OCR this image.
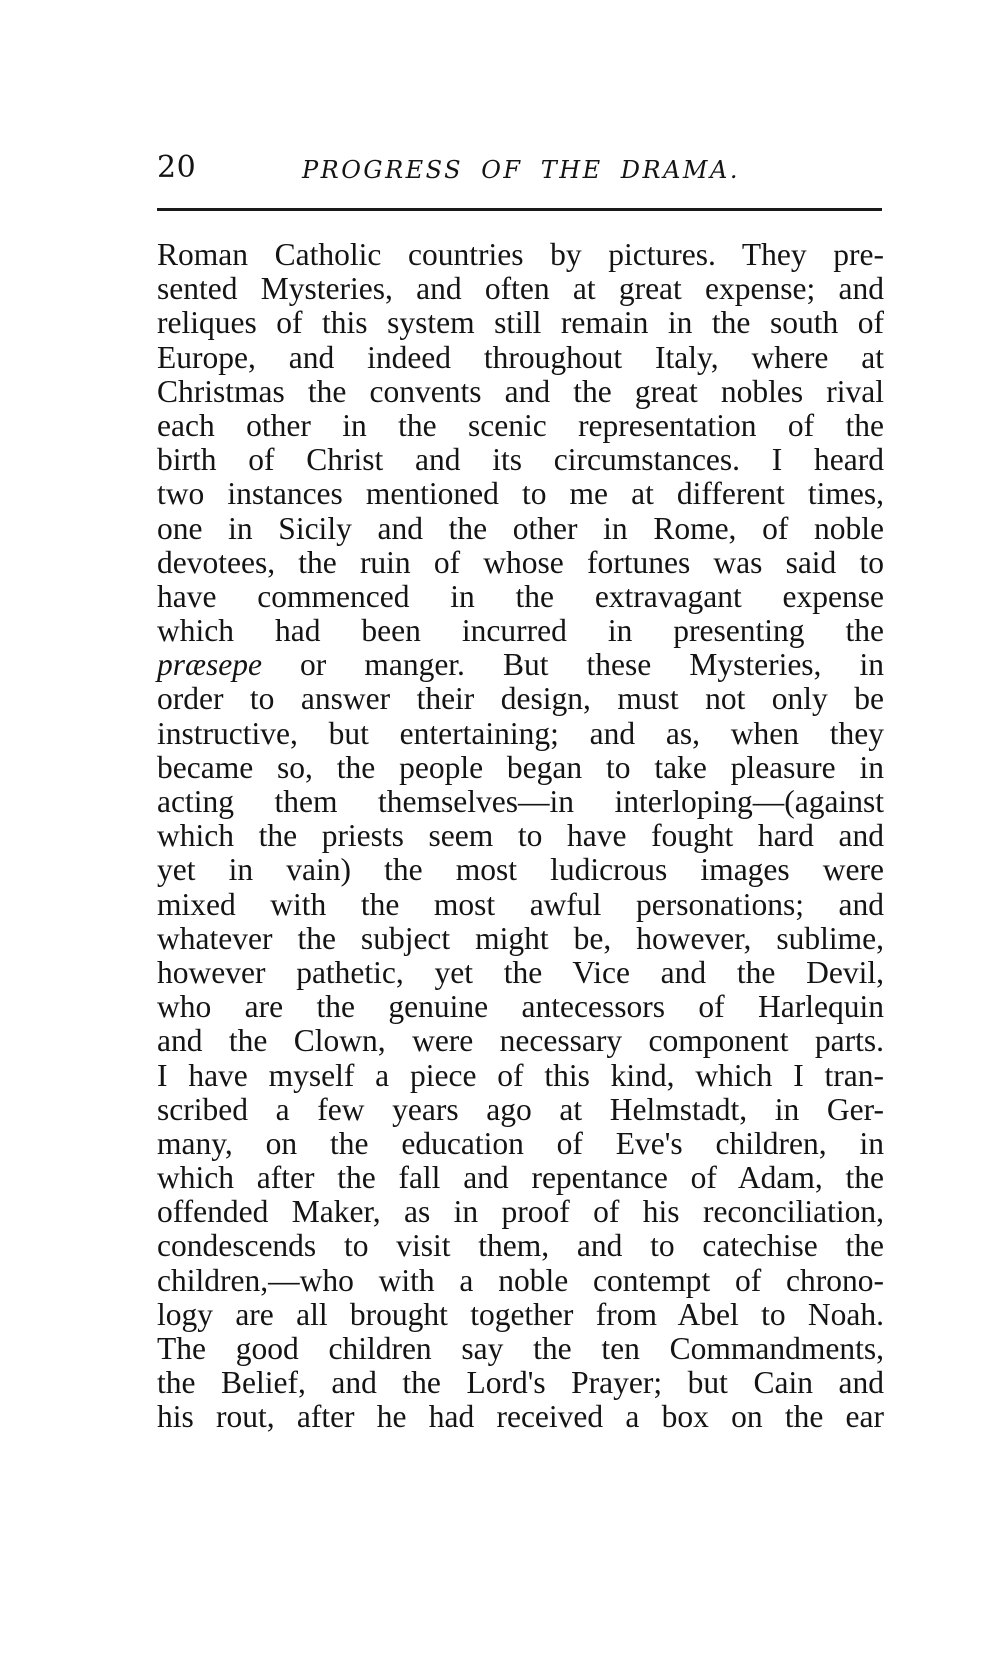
20	PROGRESS OF THE DRAMA.
Roman Catholic countries by pictures. They pre-
sented Mysteries, and often at great expense; and
reliques of this system still remain in the south of
Europe, and indeed throughout Italy, where at
Christmas the convents and the great nobles rival
each other in the scenic representation of the
birth of Christ and its circumstances. I heard
two instances mentioned to me at different times,
one in Sicily and the other in Rome, of noble
devotees, the ruin of whose fortunes was said to
have commenced in the extravagant expense
which had been incurred in presenting the
præsepe or manger. But these Mysteries, in
order to answer their design, must not only be
instructive, but entertaining; and as, when they
became so, the people began to take pleasure in
acting them themselves—in interloping—(against
which the priests seem to have fought hard and
yet in vain) the most ludicrous images were
mixed with the most awful personations; and
whatever the subject might be, however, sublime,
however pathetic, yet the Vice and the Devil,
who are the genuine antecessors of Harlequin
and the Clown, were necessary component parts.
I have myself a piece of this kind, which I tran-
scribed a few years ago at Helmstadt, in Ger-
many, on the education of Eve's children, in
which after the fall and repentance of Adam, the
offended Maker, as in proof of his reconciliation,
condescends to visit them, and to catechise the
children,—who with a noble contempt of chrono-
logy are all brought together from Abel to Noah.
The good children say the ten Commandments,
the Belief, and the Lord's Prayer; but Cain and
his rout, after he had received a box on the ear
